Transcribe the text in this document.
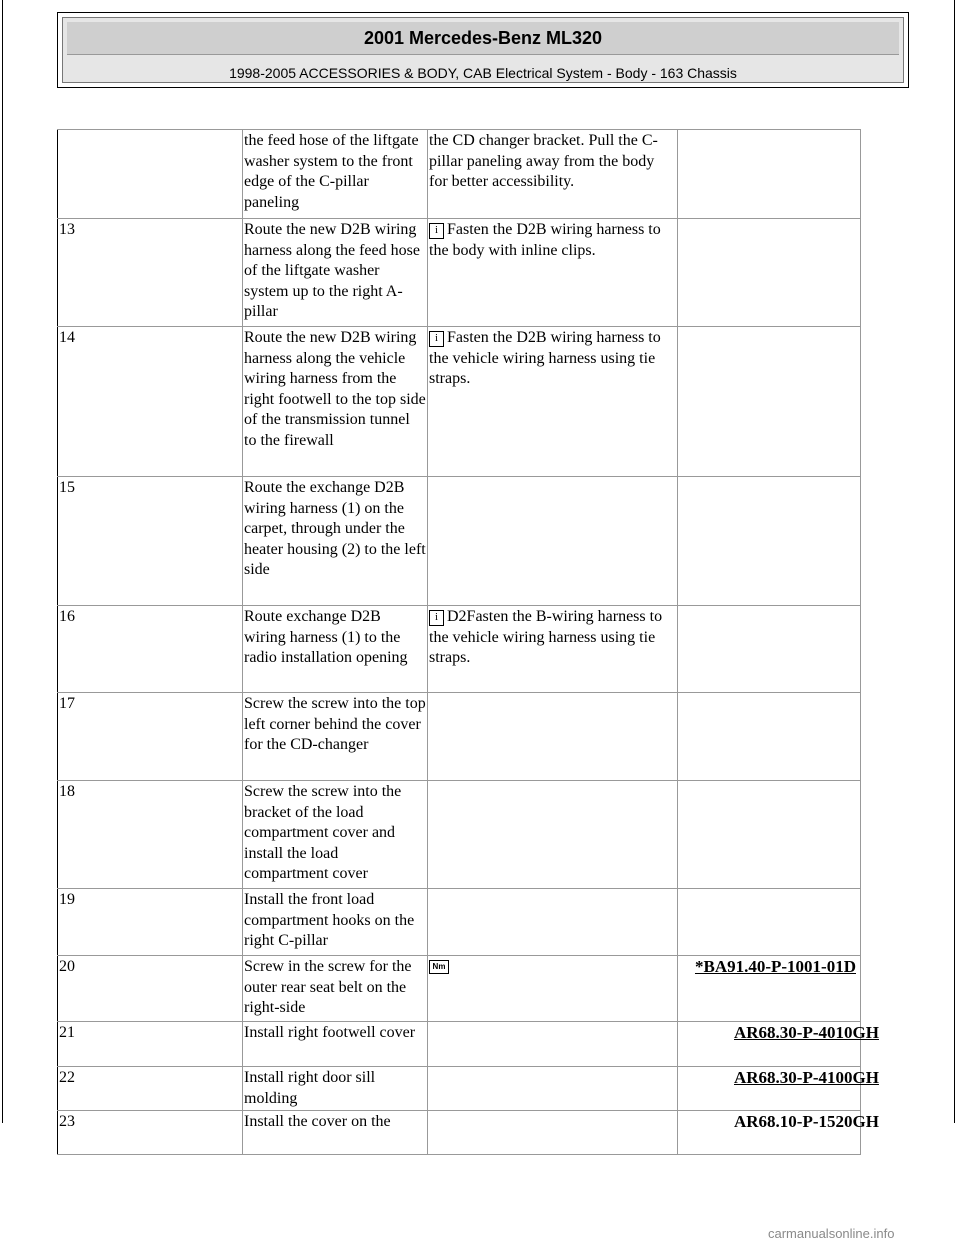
2001 Mercedes-Benz ML320
1998-2005 ACCESSORIES & BODY, CAB Electrical System - Body - 163 Chassis
	the feed hose of the liftgate washer system to the front edge of the C-pillar paneling	the CD changer bracket. Pull the C-pillar paneling away from the body for better accessibility.	
13	Route the new D2B wiring harness along the feed hose of the liftgate washer system up to the right A-pillar	i Fasten the D2B wiring harness to the body with inline clips.	
14	Route the new D2B wiring harness along the vehicle wiring harness from the right footwell to the top side of the transmission tunnel to the firewall	i Fasten the D2B wiring harness to the vehicle wiring harness using tie straps.	
15	Route the exchange D2B wiring harness (1) on the carpet, through under the heater housing (2) to the left side		
16	Route exchange D2B wiring harness (1) to the radio installation opening	i D2Fasten the B-wiring harness to the vehicle wiring harness using tie straps.	
17	Screw the screw into the top left corner behind the cover for the CD-changer		
18	Screw the screw into the bracket of the load compartment cover and install the load compartment cover		
19	Install the front load compartment hooks on the right C-pillar		
20	Screw in the screw for the outer rear seat belt on the right-side	Nm	*BA91.40-P-1001-01D
21	Install right footwell cover		AR68.30-P-4010GH
22	Install right door sill molding		AR68.30-P-4100GH
23	Install the cover on the		AR68.10-P-1520GH
carmanualsonline.info
